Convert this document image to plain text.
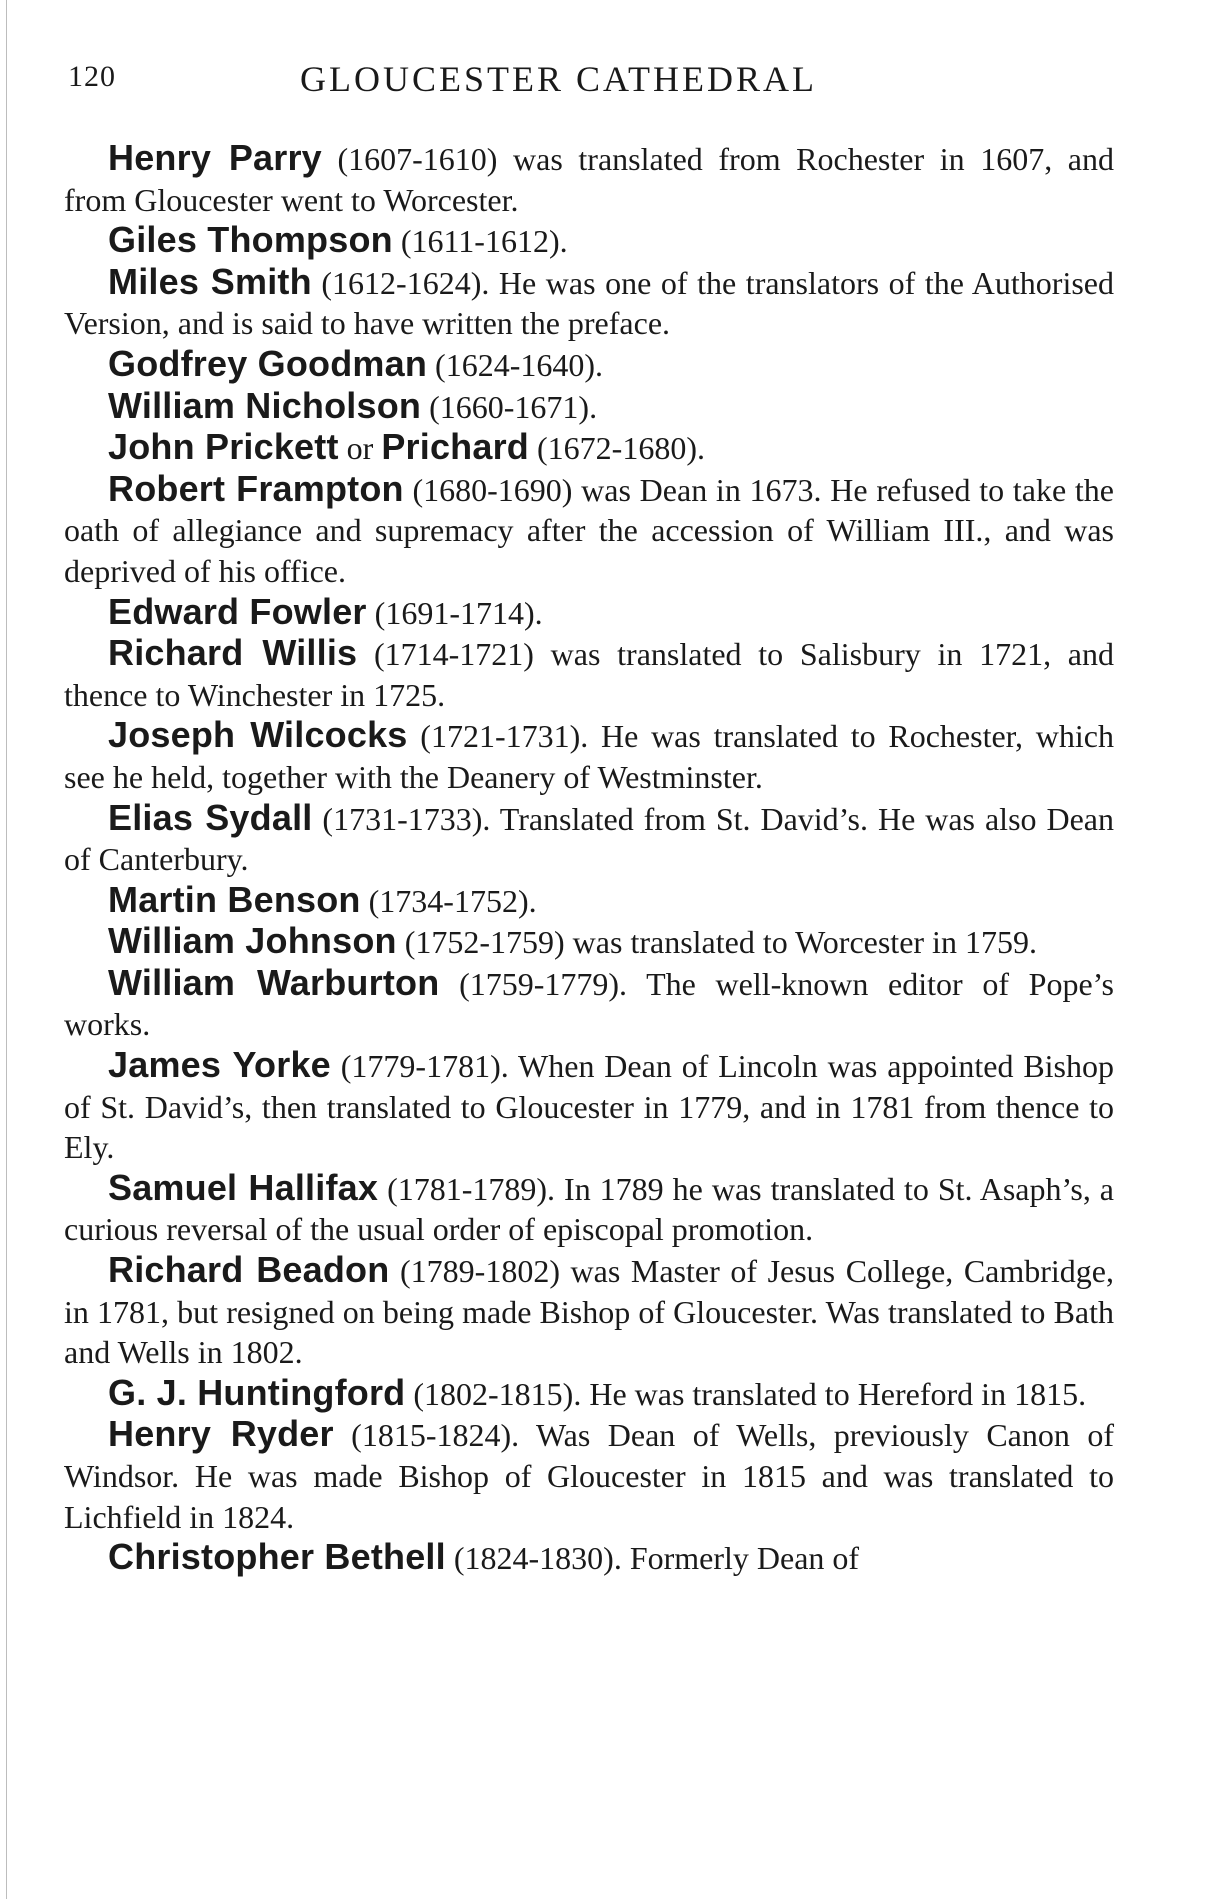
120	GLOUCESTER CATHEDRAL

Henry Parry (1607-1610) was translated from Rochester in 1607, and from Gloucester went to Worcester.

Giles Thompson (1611-1612).

Miles Smith (1612-1624). He was one of the translators of the Authorised Version, and is said to have written the preface.

Godfrey Goodman (1624-1640).

William Nicholson (1660-1671).

John Prickett or Prichard (1672-1680).

Robert Frampton (1680-1690) was Dean in 1673. He refused to take the oath of allegiance and supremacy after the accession of William III., and was deprived of his office.

Edward Fowler (1691-1714).

Richard Willis (1714-1721) was translated to Salisbury in 1721, and thence to Winchester in 1725.

Joseph Wilcocks (1721-1731). He was translated to Rochester, which see he held, together with the Deanery of Westminster.

Elias Sydall (1731-1733). Translated from St. David’s. He was also Dean of Canterbury.

Martin Benson (1734-1752).

William Johnson (1752-1759) was translated to Worcester in 1759.

William Warburton (1759-1779). The well-known editor of Pope’s works.

James Yorke (1779-1781). When Dean of Lincoln was appointed Bishop of St. David’s, then translated to Gloucester in 1779, and in 1781 from thence to Ely.

Samuel Hallifax (1781-1789). In 1789 he was translated to St. Asaph’s, a curious reversal of the usual order of episcopal promotion.

Richard Beadon (1789-1802) was Master of Jesus College, Cambridge, in 1781, but resigned on being made Bishop of Gloucester. Was translated to Bath and Wells in 1802.

G. J. Huntingford (1802-1815). He was translated to Hereford in 1815.

Henry Ryder (1815-1824). Was Dean of Wells, previously Canon of Windsor. He was made Bishop of Gloucester in 1815 and was translated to Lichfield in 1824.

Christopher Bethell (1824-1830). Formerly Dean of
